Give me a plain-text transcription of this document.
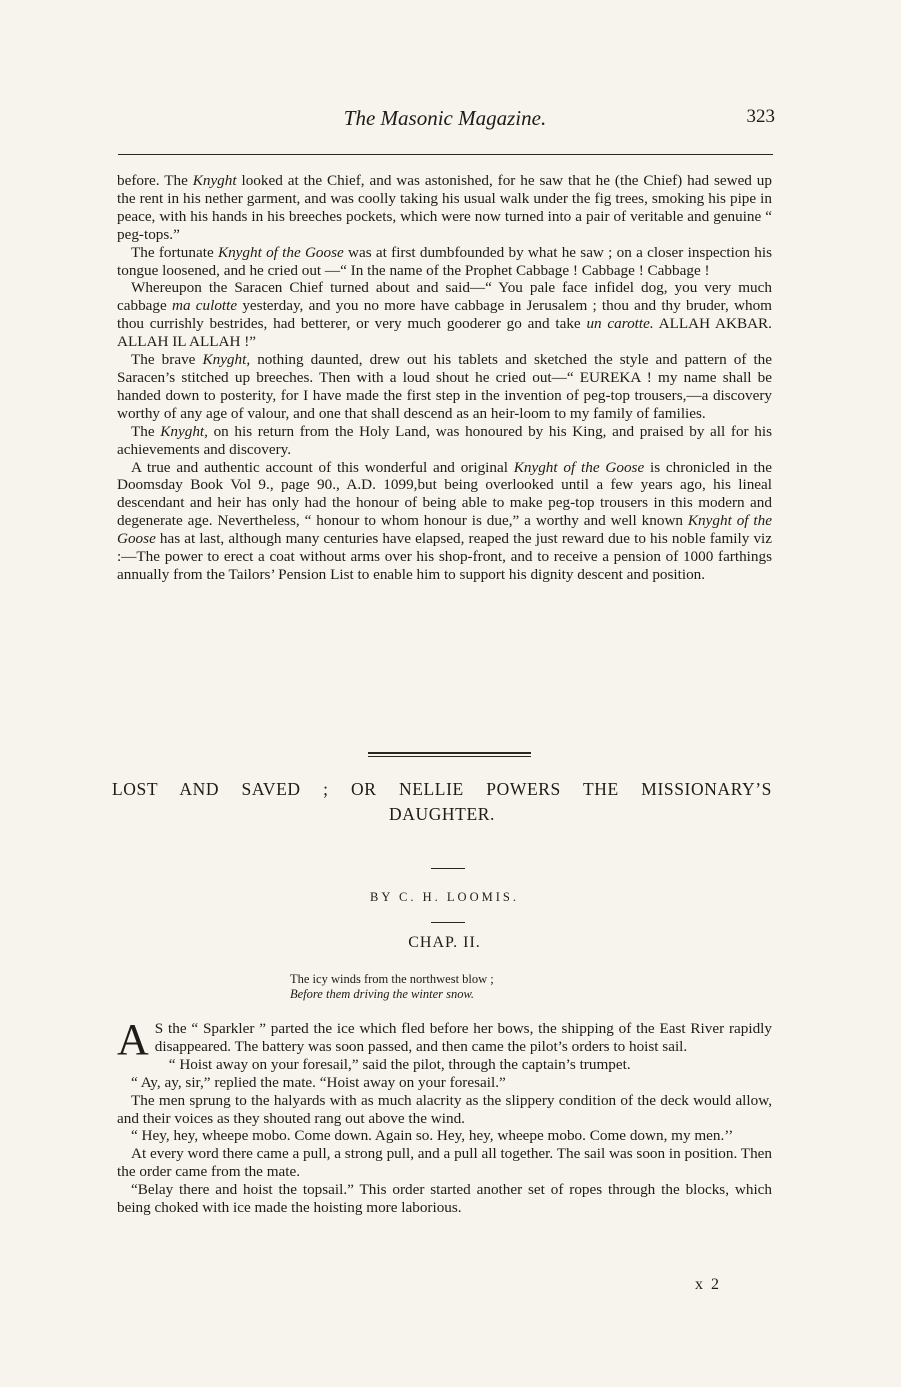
The Masonic Magazine.	323

before. The Knyght looked at the Chief, and was astonished, for he saw that he (the Chief) had sewed up the rent in his nether garment, and was coolly taking his usual walk under the fig trees, smoking his pipe in peace, with his hands in his breeches pockets, which were now turned into a pair of veritable and genuine “ peg-tops.”

The fortunate Knyght of the Goose was at first dumbfounded by what he saw ; on a closer inspection his tongue loosened, and he cried out —“ In the name of the Prophet Cabbage ! Cabbage ! Cabbage !

Whereupon the Saracen Chief turned about and said—“ You pale face infidel dog, you very much cabbage ma culotte yesterday, and you no more have cabbage in Jerusalem ; thou and thy bruder, whom thou currishly bestrides, had betterer, or very much gooderer go and take un carotte. ALLAH AKBAR. ALLAH IL ALLAH !”

The brave Knyght, nothing daunted, drew out his tablets and sketched the style and pattern of the Saracen’s stitched up breeches. Then with a loud shout he cried out—“ EUREKA ! my name shall be handed down to posterity, for I have made the first step in the invention of peg-top trousers,—a discovery worthy of any age of valour, and one that shall descend as an heir-loom to my family of families.

The Knyght, on his return from the Holy Land, was honoured by his King, and praised by all for his achievements and discovery.

A true and authentic account of this wonderful and original Knyght of the Goose is chronicled in the Doomsday Book Vol 9., page 90., A.D. 1099,but being overlooked until a few years ago, his lineal descendant and heir has only had the honour of being able to make peg-top trousers in this modern and degenerate age. Nevertheless, “ honour to whom honour is due,” a worthy and well known Knyght of the Goose has at last, although many centuries have elapsed, reaped the just reward due to his noble family viz :—The power to erect a coat without arms over his shop-front, and to receive a pension of 1000 farthings annually from the Tailors’ Pension List to enable him to support his dignity descent and position.

LOST AND SAVED ; OR NELLIE POWERS THE MISSIONARY’S
DAUGHTER.
BY C. H. LOOMIS.
CHAP. II.
The icy winds from the northwest blow ;
Before them driving the winter snow.

A S the “ Sparkler ” parted the ice which fled before her bows, the shipping of the East River rapidly disappeared. The battery was soon passed, and then came the pilot’s orders to hoist sail.

“ Hoist away on your foresail,” said the pilot, through the captain’s trumpet.

“ Ay, ay, sir,” replied the mate. “Hoist away on your foresail.”

The men sprung to the halyards with as much alacrity as the slippery condition of the deck would allow, and their voices as they shouted rang out above the wind.

“ Hey, hey, wheepe mobo. Come down. Again so. Hey, hey, wheepe mobo. Come down, my men.’’

At every word there came a pull, a strong pull, and a pull all together. The sail was soon in position. Then the order came from the mate.

“Belay there and hoist the topsail.” This order started another set of ropes through the blocks, which being choked with ice made the hoisting more laborious.

x 2
